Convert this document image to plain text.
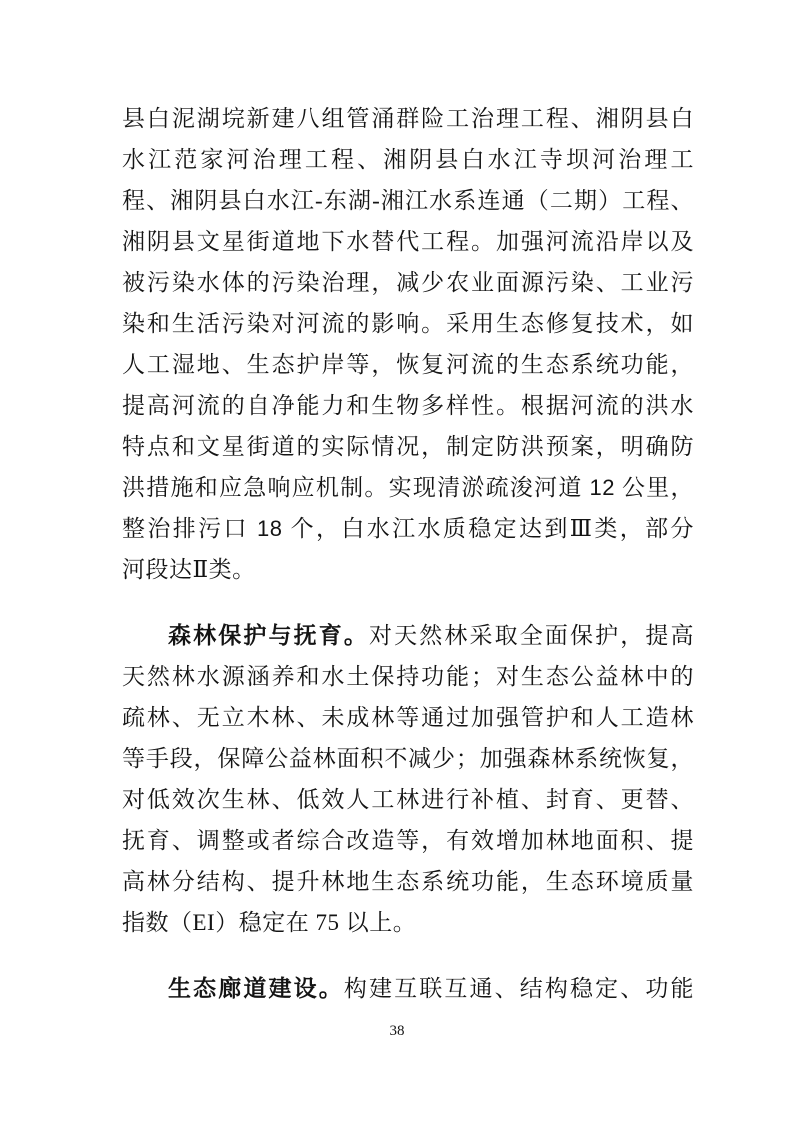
县白泥湖垸新建八组管涌群险工治理工程、湘阴县白
水江范家河治理工程、湘阴县白水江寺坝河治理工
程、湘阴县白水江-东湖-湘江水系连通（二期）工程、
湘阴县文星街道地下水替代工程。加强河流沿岸以及
被污染水体的污染治理，减少农业面源污染、工业污
染和生活污染对河流的影响。采用生态修复技术，如
人工湿地、生态护岸等，恢复河流的生态系统功能，
提高河流的自净能力和生物多样性。根据河流的洪水
特点和文星街道的实际情况，制定防洪预案，明确防
洪措施和应急响应机制。实现清淤疏浚河道 12 公里，
整治排污口 18 个，白水江水质稳定达到Ⅲ类，部分
河段达Ⅱ类。
森林保护与抚育。对天然林采取全面保护，提高
天然林水源涵养和水土保持功能；对生态公益林中的
疏林、无立木林、未成林等通过加强管护和人工造林
等手段，保障公益林面积不减少；加强森林系统恢复，
对低效次生林、低效人工林进行补植、封育、更替、
抚育、调整或者综合改造等，有效增加林地面积、提
高林分结构、提升林地生态系统功能，生态环境质量
指数（EI）稳定在 75 以上。
生态廊道建设。构建互联互通、结构稳定、功能
38
